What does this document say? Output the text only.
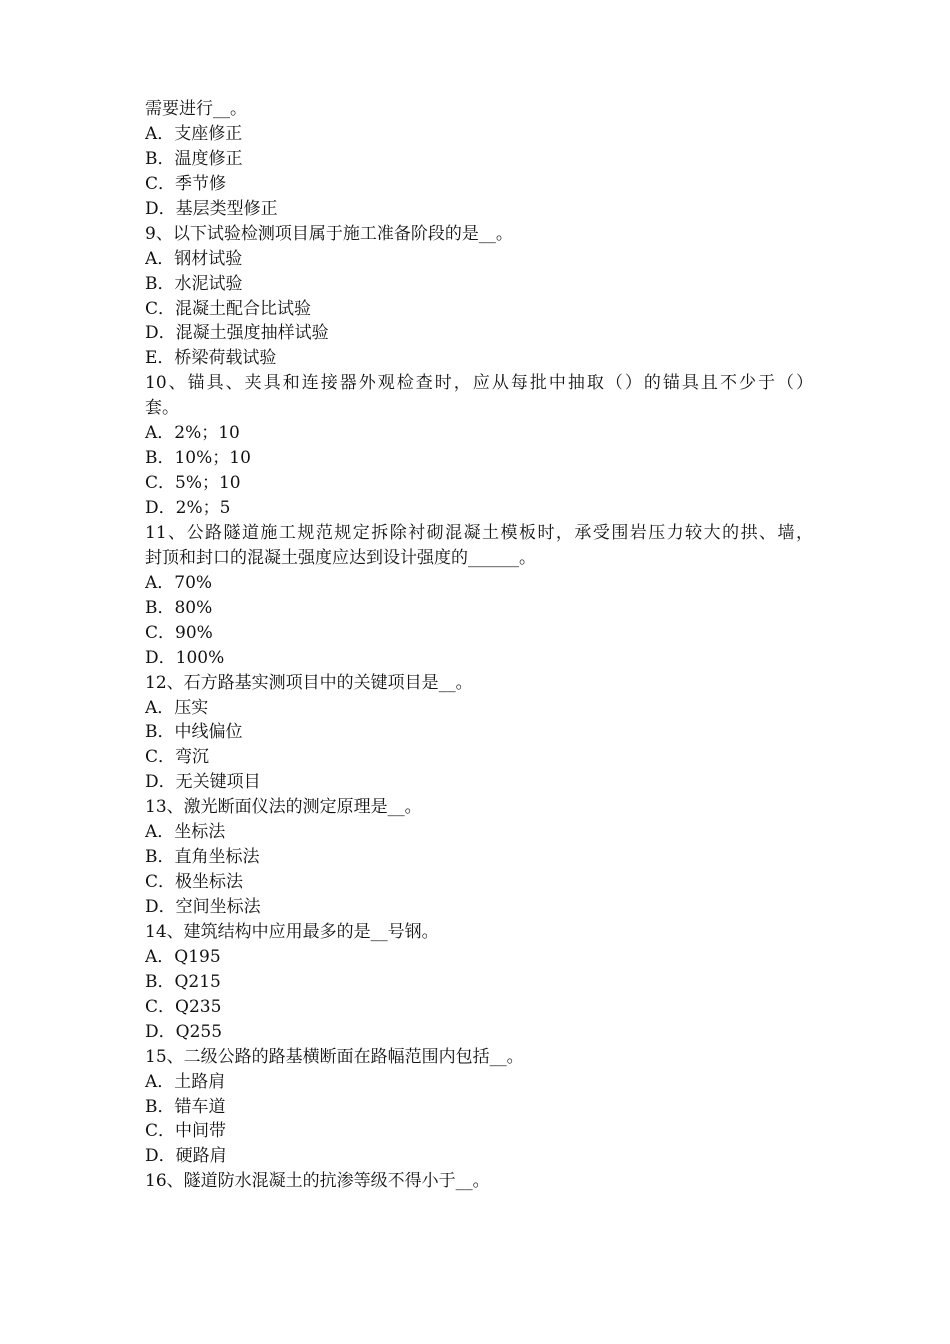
需要进行__。
A．支座修正
B．温度修正
C．季节修
D．基层类型修正
9、以下试验检测项目属于施工准备阶段的是__。
A．钢材试验
B．水泥试验
C．混凝土配合比试验
D．混凝土强度抽样试验
E．桥梁荷载试验
10、锚具、夹具和连接器外观检查时，应从每批中抽取（）的锚具且不少于（）
套。
A．2%；10
B．10%；10
C．5%；10
D．2%；5
11、公路隧道施工规范规定拆除衬砌混凝土模板时，承受围岩压力较大的拱、墙，
封顶和封口的混凝土强度应达到设计强度的______。
A．70%
B．80%
C．90%
D．100%
12、石方路基实测项目中的关键项目是__。
A．压实
B．中线偏位
C．弯沉
D．无关键项目
13、激光断面仪法的测定原理是__。
A．坐标法
B．直角坐标法
C．极坐标法
D．空间坐标法
14、建筑结构中应用最多的是__号钢。
A．Q195
B．Q215
C．Q235
D．Q255
15、二级公路的路基横断面在路幅范围内包括__。
A．土路肩
B．错车道
C．中间带
D．硬路肩
16、隧道防水混凝土的抗渗等级不得小于__。
